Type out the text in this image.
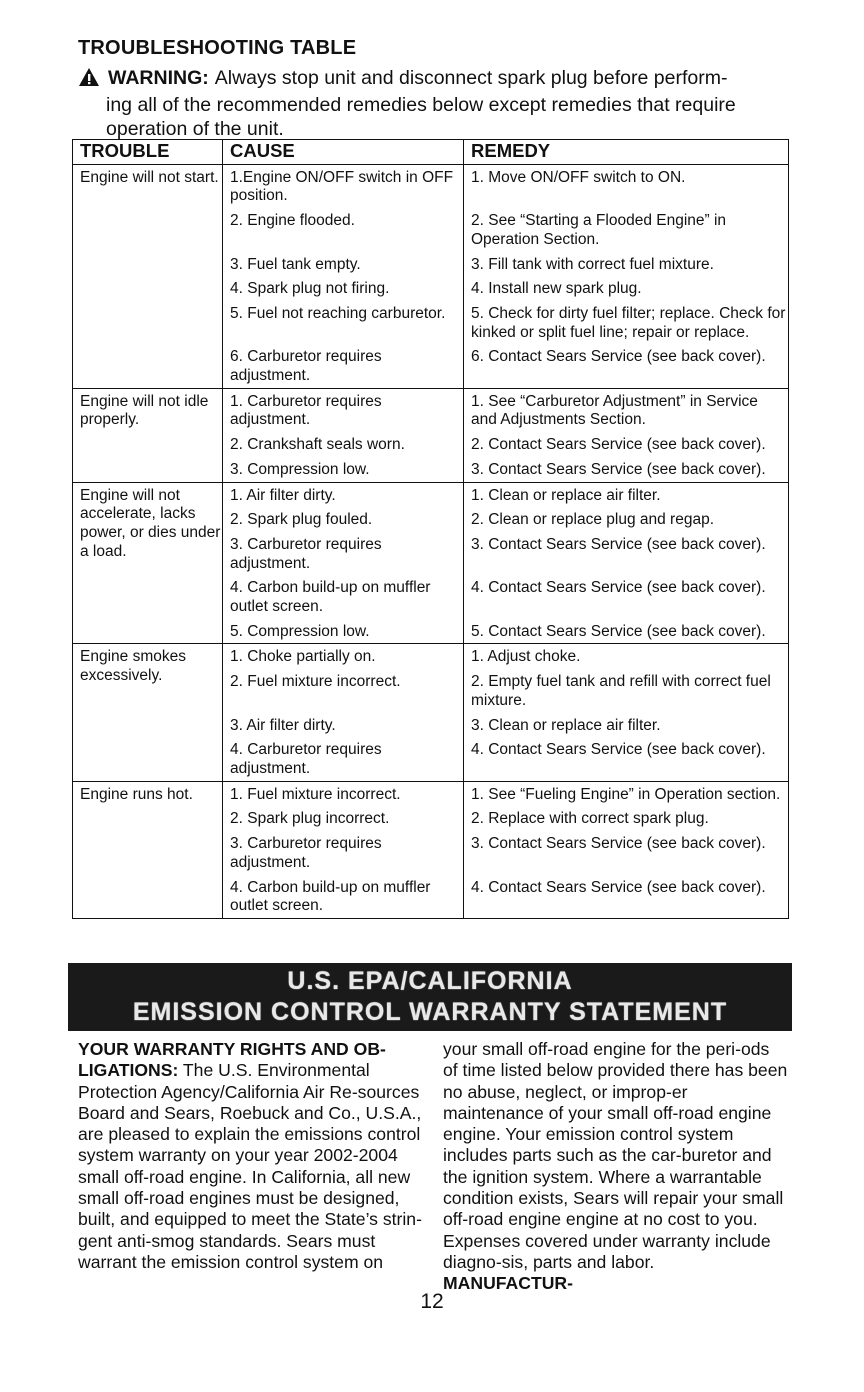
TROUBLESHOOTING TABLE
WARNING: Always stop unit and disconnect spark plug before perform-
ing all of the recommended remedies below except remedies that require
operation of the unit.
TROUBLE	CAUSE	REMEDY
Engine will not start.	1.Engine ON/OFF switch in OFF position.	1. Move ON/OFF switch to ON.
	2. Engine flooded.	2. See “Starting a Flooded Engine” in Operation Section.
	3. Fuel tank empty.	3. Fill tank with correct fuel mixture.
	4. Spark plug not firing.	4. Install new spark plug.
	5. Fuel not reaching carburetor.	5. Check for dirty fuel filter; replace. Check for kinked or split fuel line; repair or replace.
	6. Carburetor requires adjustment.	6. Contact Sears Service (see back cover).
Engine will not idle properly.	1. Carburetor requires adjustment.	1. See “Carburetor Adjustment” in Service and Adjustments Section.
	2. Crankshaft seals worn.	2. Contact Sears Service (see back cover).
	3. Compression low.	3. Contact Sears Service (see back cover).
Engine will not accelerate, lacks power, or dies under a load.	1. Air filter dirty.	1. Clean or replace air filter.
	2. Spark plug fouled.	2. Clean or replace plug and regap.
	3. Carburetor requires adjustment.	3. Contact Sears Service (see back cover).
	4. Carbon build-up on muffler outlet screen.	4. Contact Sears Service (see back cover).
	5. Compression low.	5. Contact Sears Service (see back cover).
Engine smokes excessively.	1. Choke partially on.	1. Adjust choke.
	2. Fuel mixture incorrect.	2. Empty fuel tank and refill with correct fuel mixture.
	3. Air filter dirty.	3. Clean or replace air filter.
	4. Carburetor requires adjustment.	4. Contact Sears Service (see back cover).
Engine runs hot.	1. Fuel mixture incorrect.	1. See “Fueling Engine” in Operation section.
	2. Spark plug incorrect.	2. Replace with correct spark plug.
	3. Carburetor requires adjustment.	3. Contact Sears Service (see back cover).
	4. Carbon build-up on muffler outlet screen.	4. Contact Sears Service (see back cover).
U.S. EPA/CALIFORNIA
EMISSION CONTROL WARRANTY STATEMENT
YOUR WARRANTY RIGHTS AND OB-LIGATIONS: The U.S. Environmental Protection Agency/California Air Re-sources Board and Sears, Roebuck and Co., U.S.A., are pleased to explain the emissions control system warranty on your year 2002-2004 small off-road engine. In California, all new small off-road engines must be designed, built, and equipped to meet the State’s strin-gent anti-smog standards. Sears must warrant the emission control system on
your small off-road engine for the peri-ods of time listed below provided there has been no abuse, neglect, or improp-er maintenance of your small off-road engine engine. Your emission control system includes parts such as the car-buretor and the ignition system. Where a warrantable condition exists, Sears will repair your small off-road engine engine at no cost to you. Expenses covered under warranty include diagno-sis, parts and labor. MANUFACTUR-
12
